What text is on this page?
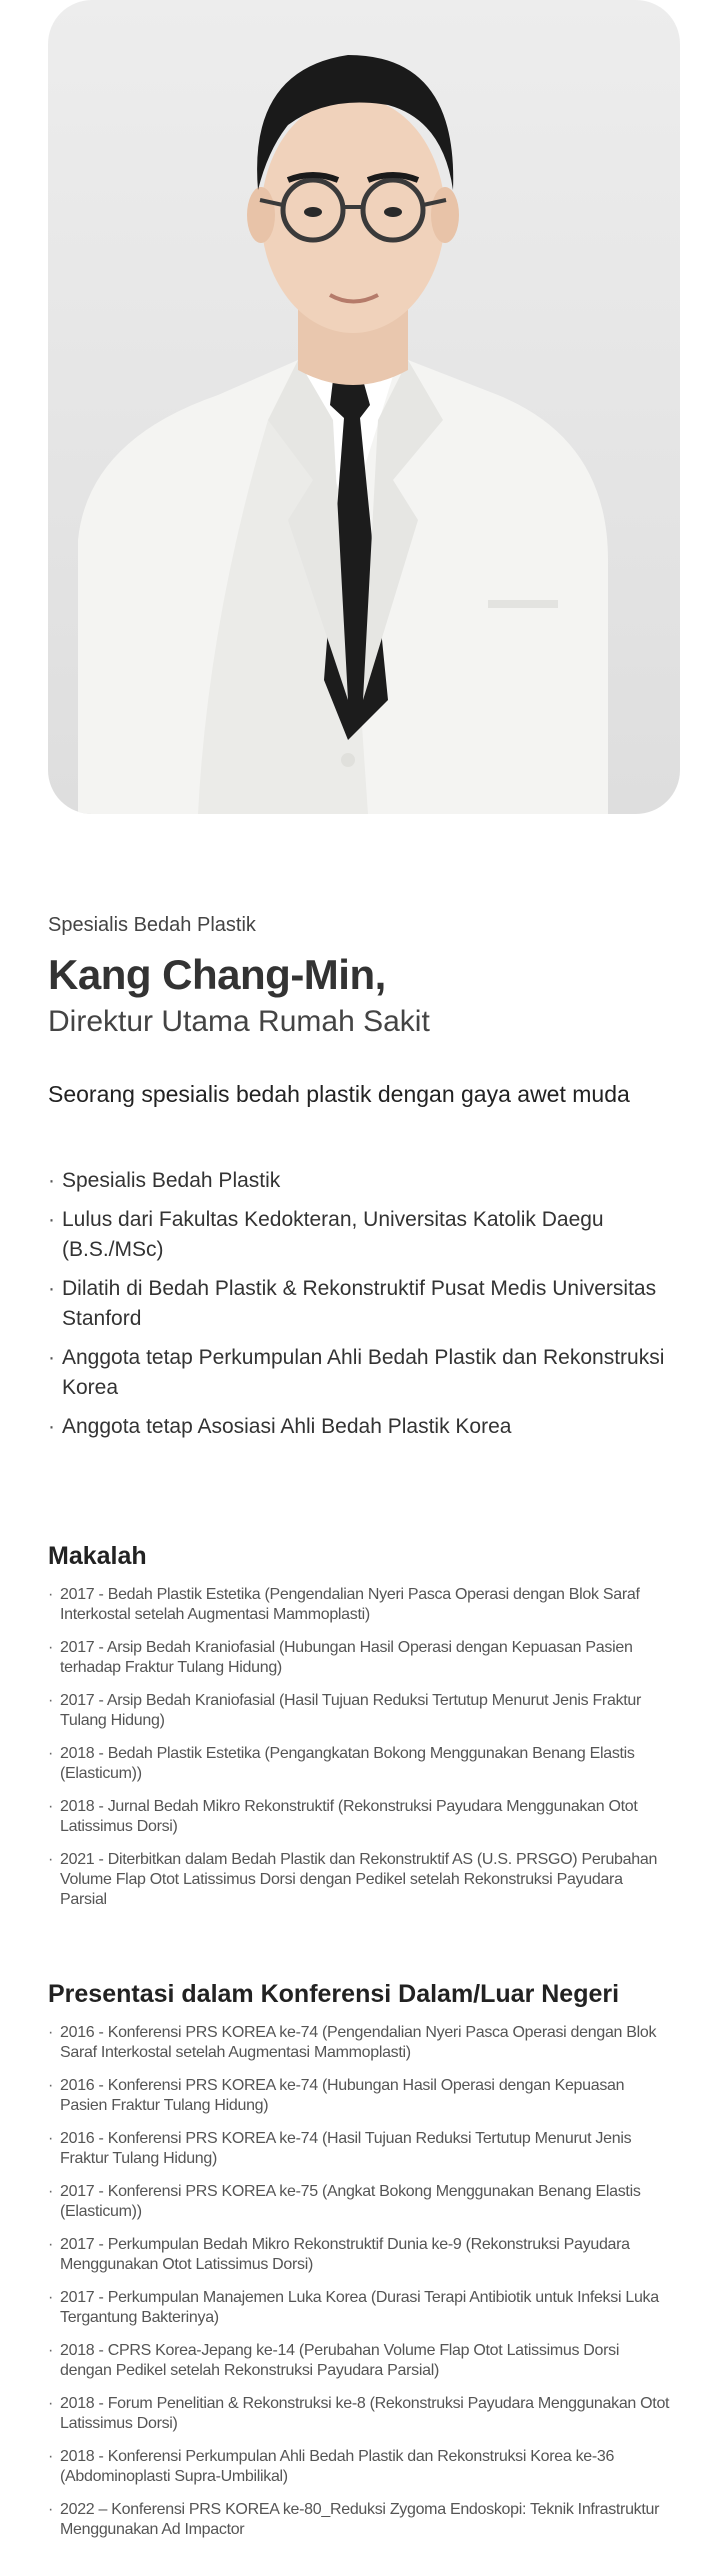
Spesialis Bedah Plastik

Kang Chang-Min,

Direktur Utama Rumah Sakit

Seorang spesialis bedah plastik dengan gaya awet muda

· Spesialis Bedah Plastik
· Lulus dari Fakultas Kedokteran, Universitas Katolik Daegu (B.S./MSc)
· Dilatih di Bedah Plastik & Rekonstruktif Pusat Medis Universitas Stanford
· Anggota tetap Perkumpulan Ahli Bedah Plastik dan Rekonstruksi Korea
· Anggota tetap Asosiasi Ahli Bedah Plastik Korea
Makalah
· 2017 - Bedah Plastik Estetika (Pengendalian Nyeri Pasca Operasi dengan Blok Saraf Interkostal setelah Augmentasi Mammoplasti)
· 2017 - Arsip Bedah Kraniofasial (Hubungan Hasil Operasi dengan Kepuasan Pasien terhadap Fraktur Tulang Hidung)
· 2017 - Arsip Bedah Kraniofasial (Hasil Tujuan Reduksi Tertutup Menurut Jenis Fraktur Tulang Hidung)
· 2018 - Bedah Plastik Estetika (Pengangkatan Bokong Menggunakan Benang Elastis (Elasticum))
· 2018 - Jurnal Bedah Mikro Rekonstruktif (Rekonstruksi Payudara Menggunakan Otot Latissimus Dorsi)
· 2021 - Diterbitkan dalam Bedah Plastik dan Rekonstruktif AS (U.S. PRSGO) Perubahan Volume Flap Otot Latissimus Dorsi dengan Pedikel setelah Rekonstruksi Payudara Parsial
Presentasi dalam Konferensi Dalam/Luar Negeri
· 2016 - Konferensi PRS KOREA ke-74 (Pengendalian Nyeri Pasca Operasi dengan Blok Saraf Interkostal setelah Augmentasi Mammoplasti)
· 2016 - Konferensi PRS KOREA ke-74 (Hubungan Hasil Operasi dengan Kepuasan Pasien Fraktur Tulang Hidung)
· 2016 - Konferensi PRS KOREA ke-74 (Hasil Tujuan Reduksi Tertutup Menurut Jenis Fraktur Tulang Hidung)
· 2017 - Konferensi PRS KOREA ke-75 (Angkat Bokong Menggunakan Benang Elastis (Elasticum))
· 2017 - Perkumpulan Bedah Mikro Rekonstruktif Dunia ke-9 (Rekonstruksi Payudara Menggunakan Otot Latissimus Dorsi)
· 2017 - Perkumpulan Manajemen Luka Korea (Durasi Terapi Antibiotik untuk Infeksi Luka Tergantung Bakterinya)
· 2018 - CPRS Korea-Jepang ke-14 (Perubahan Volume Flap Otot Latissimus Dorsi dengan Pedikel setelah Rekonstruksi Payudara Parsial)
· 2018 - Forum Penelitian & Rekonstruksi ke-8 (Rekonstruksi Payudara Menggunakan Otot Latissimus Dorsi)
· 2018 - Konferensi Perkumpulan Ahli Bedah Plastik dan Rekonstruksi Korea ke-36 (Abdominoplasti Supra-Umbilikal)
· 2022 – Konferensi PRS KOREA ke-80_Reduksi Zygoma Endoskopi: Teknik Infrastruktur Menggunakan Ad Impactor
